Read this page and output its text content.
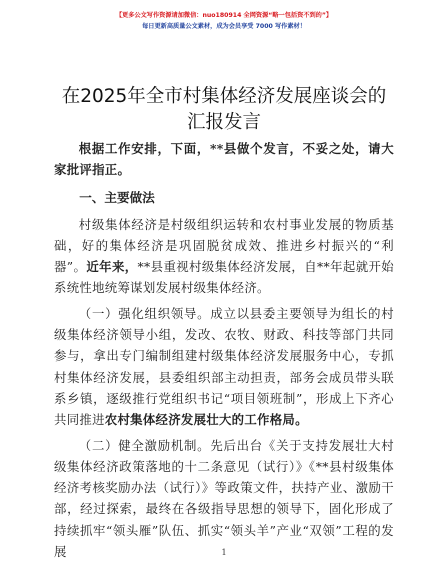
【更多公文写作资源请加微信：nuo180914 全网资源“略一包括资不到的”】
每日更新高质量公文素材，成为会员享受 7000 写作素材！
在2025年全市村集体经济发展座谈会的汇报发言

根据工作安排，下面，**县做个发言，不妥之处，请大家批评指正。

一、主要做法

村级集体经济是村级组织运转和农村事业发展的物质基础，好的集体经济是巩固脱贫成效、推进乡村振兴的“利器”。近年来，**县重视村级集体经济发展，自**年起就开始系统性地统筹谋划发展村级集体经济。

（一）强化组织领导。成立以县委主要领导为组长的村级集体经济领导小组，发改、农牧、财政、科技等部门共同参与，拿出专门编制组建村级集体经济发展服务中心，专抓村集体经济发展，县委组织部主动担责，部务会成员带头联系乡镇，逐级推行党组织书记“项目领班制”，形成上下齐心共同推进农村集体经济发展壮大的工作格局。

（二）健全激励机制。先后出台《关于支持发展壮大村级集体经济政策落地的十二条意见（试行）》《**县村级集体经济考核奖励办法（试行）》等政策文件，扶持产业、激励干部，经过探索，最终在各级指导思想的领导下，固化形成了持续抓牢“领头雁”队伍、抓实“领头羊”产业“双领”工程的发展	1
